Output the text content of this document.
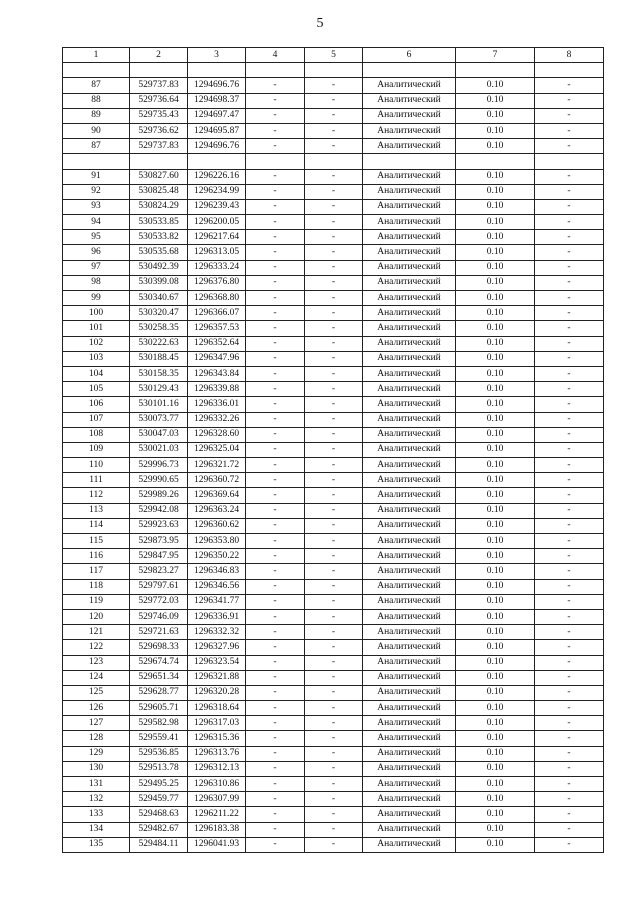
5
1	2	3	4	5	6	7	8

87	529737.83	1294696.76	-	-	Аналитический	0.10	-
88	529736.64	1294698.37	-	-	Аналитический	0.10	-
89	529735.43	1294697.47	-	-	Аналитический	0.10	-
90	529736.62	1294695.87	-	-	Аналитический	0.10	-
87	529737.83	1294696.76	-	-	Аналитический	0.10	-

91	530827.60	1296226.16	-	-	Аналитический	0.10	-
92	530825.48	1296234.99	-	-	Аналитический	0.10	-
93	530824.29	1296239.43	-	-	Аналитический	0.10	-
94	530533.85	1296200.05	-	-	Аналитический	0.10	-
95	530533.82	1296217.64	-	-	Аналитический	0.10	-
96	530535.68	1296313.05	-	-	Аналитический	0.10	-
97	530492.39	1296333.24	-	-	Аналитический	0.10	-
98	530399.08	1296376.80	-	-	Аналитический	0.10	-
99	530340.67	1296368.80	-	-	Аналитический	0.10	-
100	530320.47	1296366.07	-	-	Аналитический	0.10	-
101	530258.35	1296357.53	-	-	Аналитический	0.10	-
102	530222.63	1296352.64	-	-	Аналитический	0.10	-
103	530188.45	1296347.96	-	-	Аналитический	0.10	-
104	530158.35	1296343.84	-	-	Аналитический	0.10	-
105	530129.43	1296339.88	-	-	Аналитический	0.10	-
106	530101.16	1296336.01	-	-	Аналитический	0.10	-
107	530073.77	1296332.26	-	-	Аналитический	0.10	-
108	530047.03	1296328.60	-	-	Аналитический	0.10	-
109	530021.03	1296325.04	-	-	Аналитический	0.10	-
110	529996.73	1296321.72	-	-	Аналитический	0.10	-
111	529990.65	1296360.72	-	-	Аналитический	0.10	-
112	529989.26	1296369.64	-	-	Аналитический	0.10	-
113	529942.08	1296363.24	-	-	Аналитический	0.10	-
114	529923.63	1296360.62	-	-	Аналитический	0.10	-
115	529873.95	1296353.80	-	-	Аналитический	0.10	-
116	529847.95	1296350.22	-	-	Аналитический	0.10	-
117	529823.27	1296346.83	-	-	Аналитический	0.10	-
118	529797.61	1296346.56	-	-	Аналитический	0.10	-
119	529772.03	1296341.77	-	-	Аналитический	0.10	-
120	529746.09	1296336.91	-	-	Аналитический	0.10	-
121	529721.63	1296332.32	-	-	Аналитический	0.10	-
122	529698.33	1296327.96	-	-	Аналитический	0.10	-
123	529674.74	1296323.54	-	-	Аналитический	0.10	-
124	529651.34	1296321.88	-	-	Аналитический	0.10	-
125	529628.77	1296320.28	-	-	Аналитический	0.10	-
126	529605.71	1296318.64	-	-	Аналитический	0.10	-
127	529582.98	1296317.03	-	-	Аналитический	0.10	-
128	529559.41	1296315.36	-	-	Аналитический	0.10	-
129	529536.85	1296313.76	-	-	Аналитический	0.10	-
130	529513.78	1296312.13	-	-	Аналитический	0.10	-
131	529495.25	1296310.86	-	-	Аналитический	0.10	-
132	529459.77	1296307.99	-	-	Аналитический	0.10	-
133	529468.63	1296211.22	-	-	Аналитический	0.10	-
134	529482.67	1296183.38	-	-	Аналитический	0.10	-
135	529484.11	1296041.93	-	-	Аналитический	0.10	-
